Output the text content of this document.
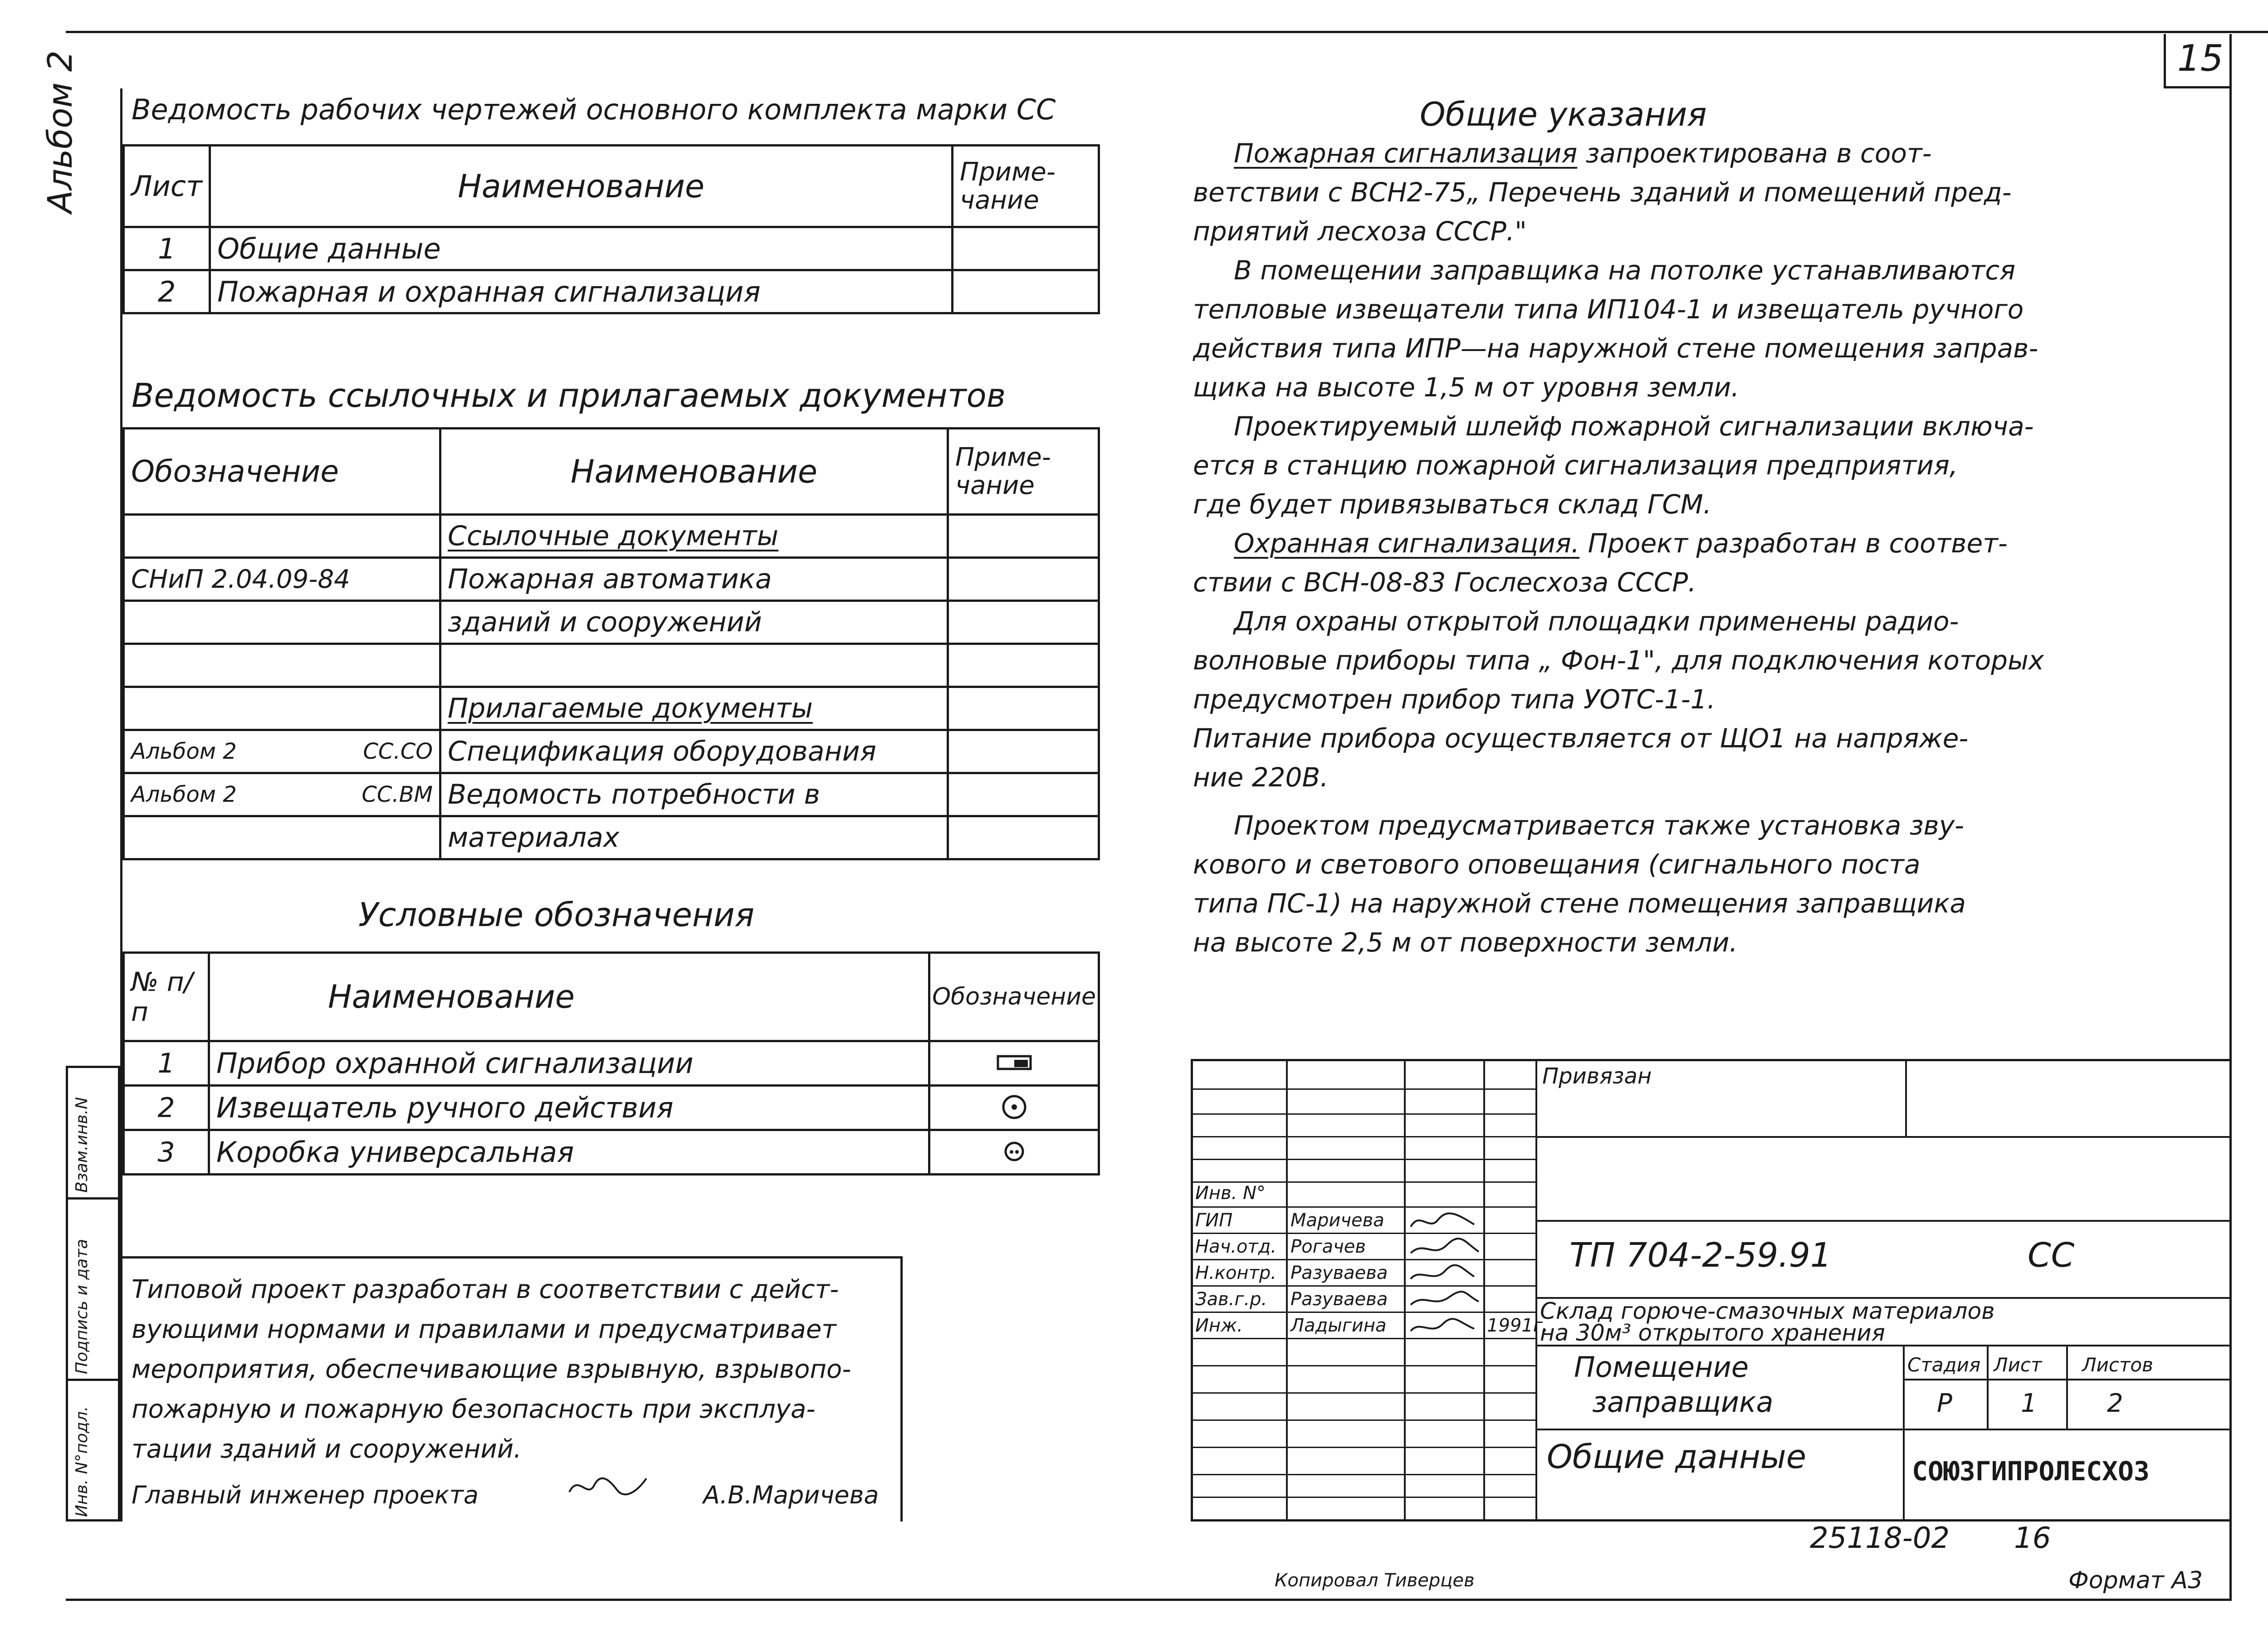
15
Альбом 2
Инв. N°подл.
Подпись и дата
Взам.инв.N
Ведомость рабочих чертежей основного комплекта марки СС
Лист	Наименование	Приме-чание
1	Общие данные	
2	Пожарная и охранная сигнализация	
Ведомость ссылочных и прилагаемых документов
Обозначение	Наименование	Приме-чание
	Ссылочные документы	
СНиП 2.04.09-84	Пожарная автоматика	
	зданий и сооружений	

	Прилагаемые документы	
Альбом 2 СС.СО	Спецификация оборудования	
Альбом 2 СС.ВМ	Ведомость потребности в	
	материалах	
Условные обозначения
№ п/п	Наименование	Обозначение
1	Прибор охранной сигнализации	
2	Извещатель ручного действия	
3	Коробка универсальная	
Типовой проект разработан в соответствии с дейст-
вующими нормами и правилами и предусматривает
мероприятия, обеспечивающие взрывную, взрывопо-
пожарную и пожарную безопасность при эксплуа-
тации зданий и сооружений.
Главный инженер проекта	А.В.Маричева
Общие указания
Пожарная сигнализация запроектирована в соот-
ветствии с ВСН2-75„ Перечень зданий и помещений пред-
приятий лесхоза СССР."
В помещении заправщика на потолке устанавливаются
тепловые извещатели типа ИП104-1 и извещатель ручного
действия типа ИПР—на наружной стене помещения заправ-
щика на высоте 1,5 м от уровня земли.
Проектируемый шлейф пожарной сигнализации включа-
ется в станцию пожарной сигнализация предприятия,
где будет привязываться склад ГСМ.
Охранная сигнализация. Проект разработан в соответ-
ствии с ВСН-08-83 Гослесхоза СССР.
Для охраны открытой площадки применены радио-
волновые приборы типа „ Фон-1", для подключения которых
предусмотрен прибор типа УОТС-1-1.
Питание прибора осуществляется от ЩО1 на напряже-
ние 220В.
Проектом предусматривается также установка зву-
кового и светового оповещания (сигнального поста
типа ПС-1) на наружной стене помещения заправщика
на высоте 2,5 м от поверхности земли.
Привязан
Инв. N°
ГИП	Маричева
Нач.отд. Рогачев
Н.контр. Разуваева
Зав.г.р. Разуваева
Инж.	Ладыгина	1991г.
ТП 704-2-59.91	СС
Склад горюче-смазочных материалов
на 30м³ открытого хранения
Помещение
заправщика
Стадия Лист Листов
Р	1	2
Общие данные	СОЮЗГИПРОЛЕСХОЗ
25118-02 16
Копировал Тиверцев	Формат А3
